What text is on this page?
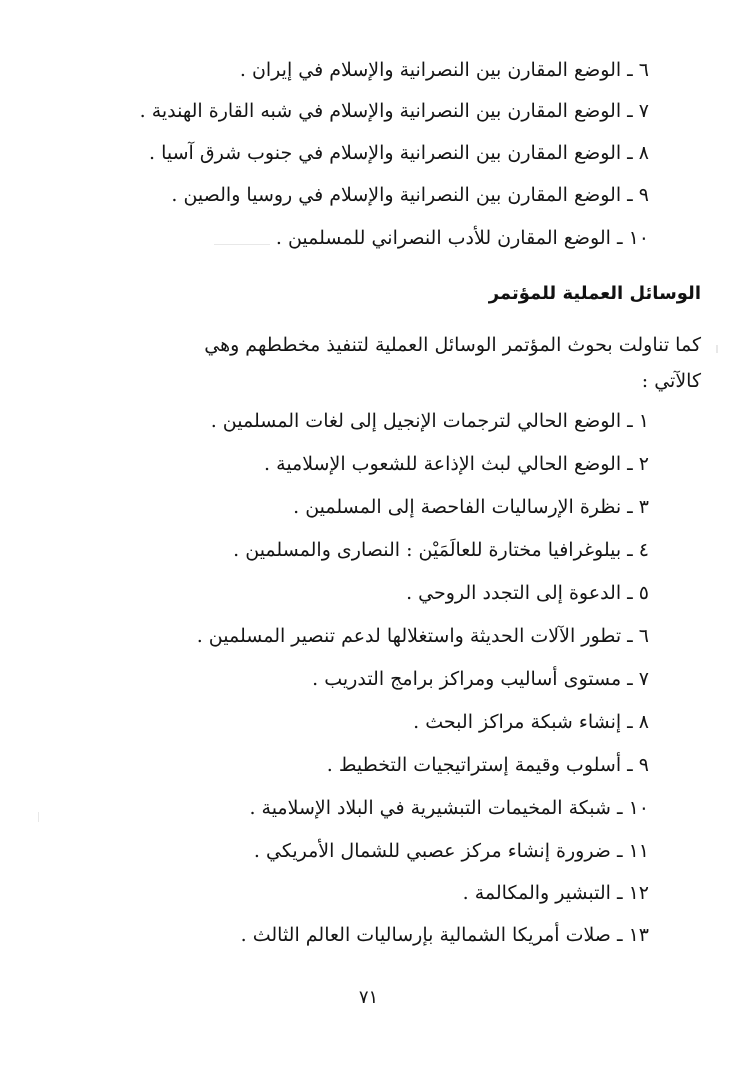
٦ ـ الوضع المقارن بين النصرانية والإسلام في إيران .
٧ ـ الوضع المقارن بين النصرانية والإسلام في شبه القارة الهندية .
٨ ـ الوضع المقارن بين النصرانية والإسلام في جنوب شرق آسيا .
٩ ـ الوضع المقارن بين النصرانية والإسلام في روسيا والصين .
١٠ ـ الوضع المقارن للأدب النصراني للمسلمين .
الوسائل العملية للمؤتمر
كما تناولت بحوث المؤتمر الوسائل العملية لتنفيذ مخططهم وهي
كالآتي :
١ ـ الوضع الحالي لترجمات الإنجيل إلى لغات المسلمين .
٢ ـ الوضع الحالي لبث الإذاعة للشعوب الإسلامية .
٣ ـ نظرة الإرساليات الفاحصة إلى المسلمين .
٤ ـ بيلوغرافيا مختارة للعالَمَيْن : النصارى والمسلمين .
٥ ـ الدعوة إلى التجدد الروحي .
٦ ـ تطور الآلات الحديثة واستغلالها لدعم تنصير المسلمين .
٧ ـ مستوى أساليب ومراكز برامج التدريب .
٨ ـ إنشاء شبكة مراكز البحث .
٩ ـ أسلوب وقيمة إستراتيجيات التخطيط .
١٠ ـ شبكة المخيمات التبشيرية في البلاد الإسلامية .
١١ ـ ضرورة إنشاء مركز عصبي للشمال الأمريكي .
١٢ ـ التبشير والمكالمة .
١٣ ـ صلات أمريكا الشمالية بإرساليات العالم الثالث .
٧١
